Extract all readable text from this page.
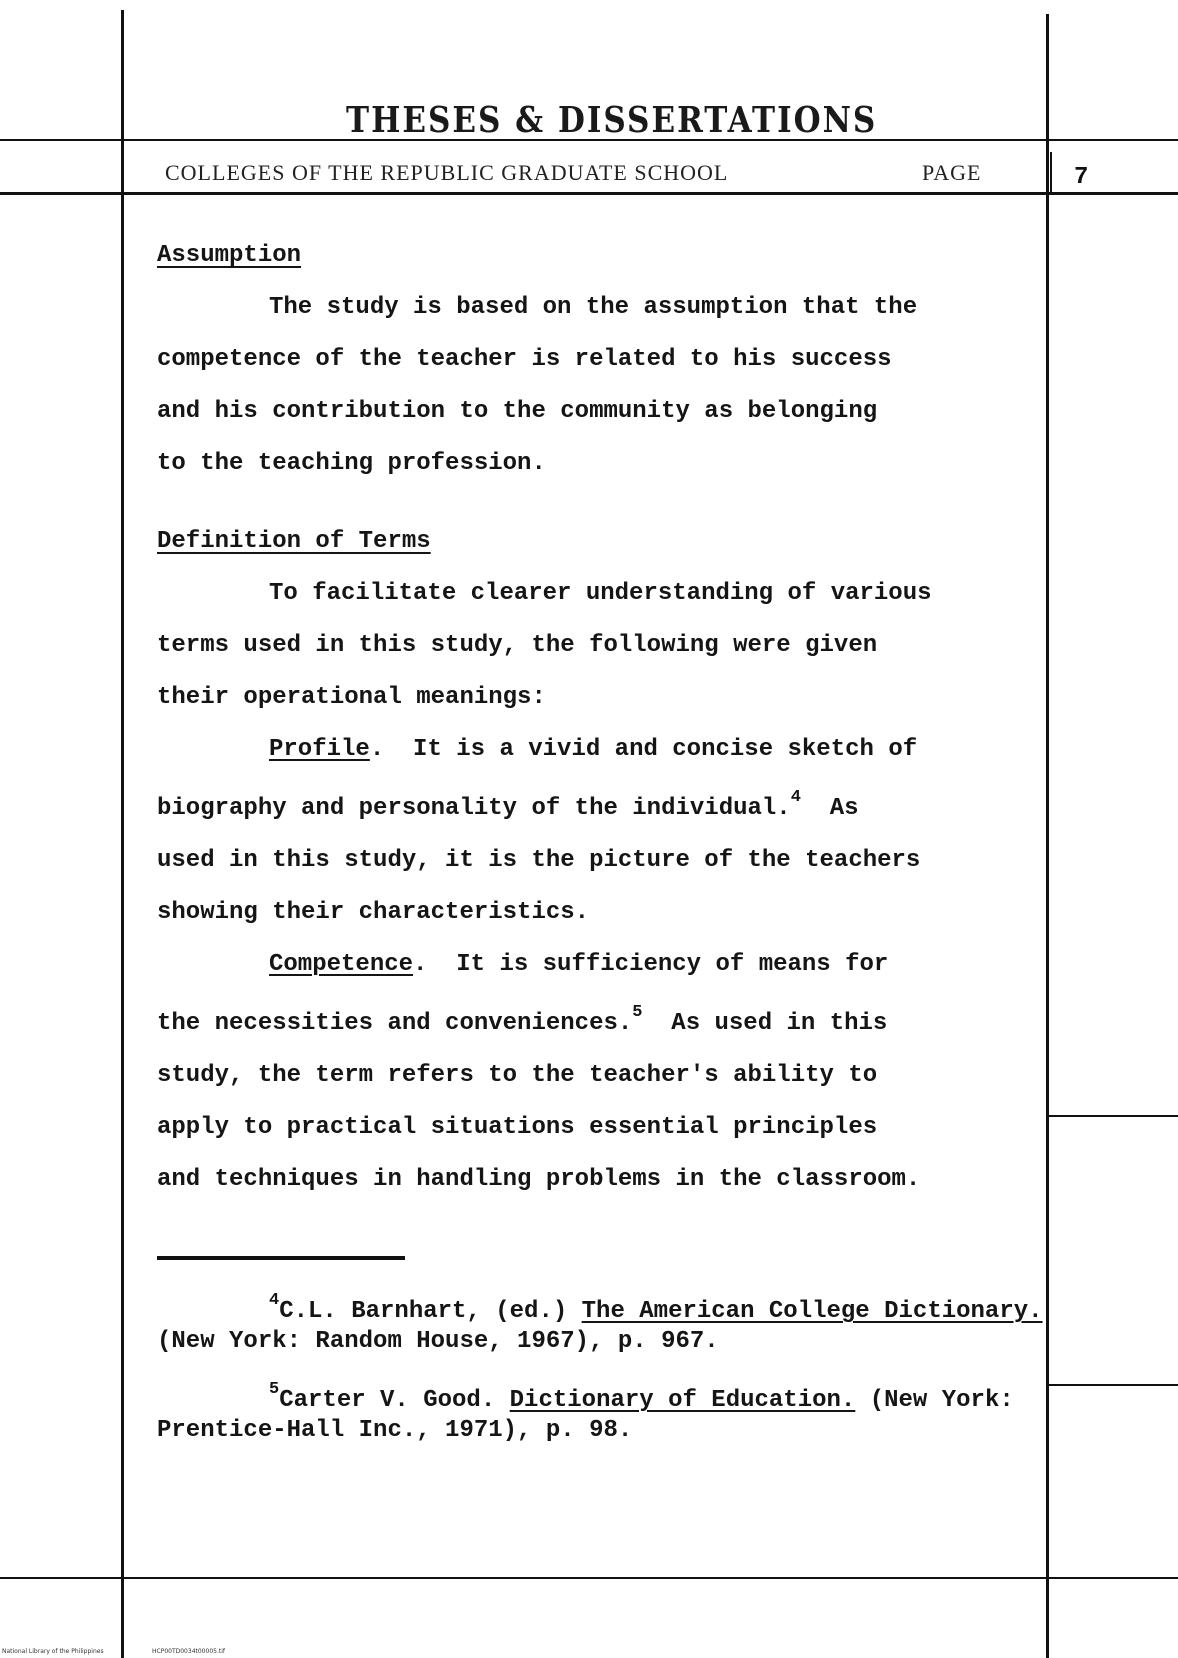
THESES & DISSERTATIONS
COLLEGES OF THE REPUBLIC GRADUATE SCHOOL	PAGE	7

Assumption

The study is based on the assumption that the

competence of the teacher is related to his success

and his contribution to the community as belonging

to the teaching profession.

Definition of Terms

To facilitate clearer understanding of various

terms used in this study, the following were given

their operational meanings:

Profile.  It is a vivid and concise sketch of

biography and personality of the individual.$^4$  As

used in this study, it is the picture of the teachers

showing their characteristics.

Competence.  It is sufficiency of means for

the necessities and conveniences.$^5$  As used in this

study, the term refers to the teacher's ability to

apply to practical situations essential principles

and techniques in handling problems in the classroom.

$^4$C.L. Barnhart, (ed.) The American College Dictionary. (New York: Random House, 1967), p. 967.

$^5$Carter V. Good. Dictionary of Education. (New York: Prentice-Hall Inc., 1971), p. 98.

National Library of the Philippines	HCP00TD0034t00005.tif
